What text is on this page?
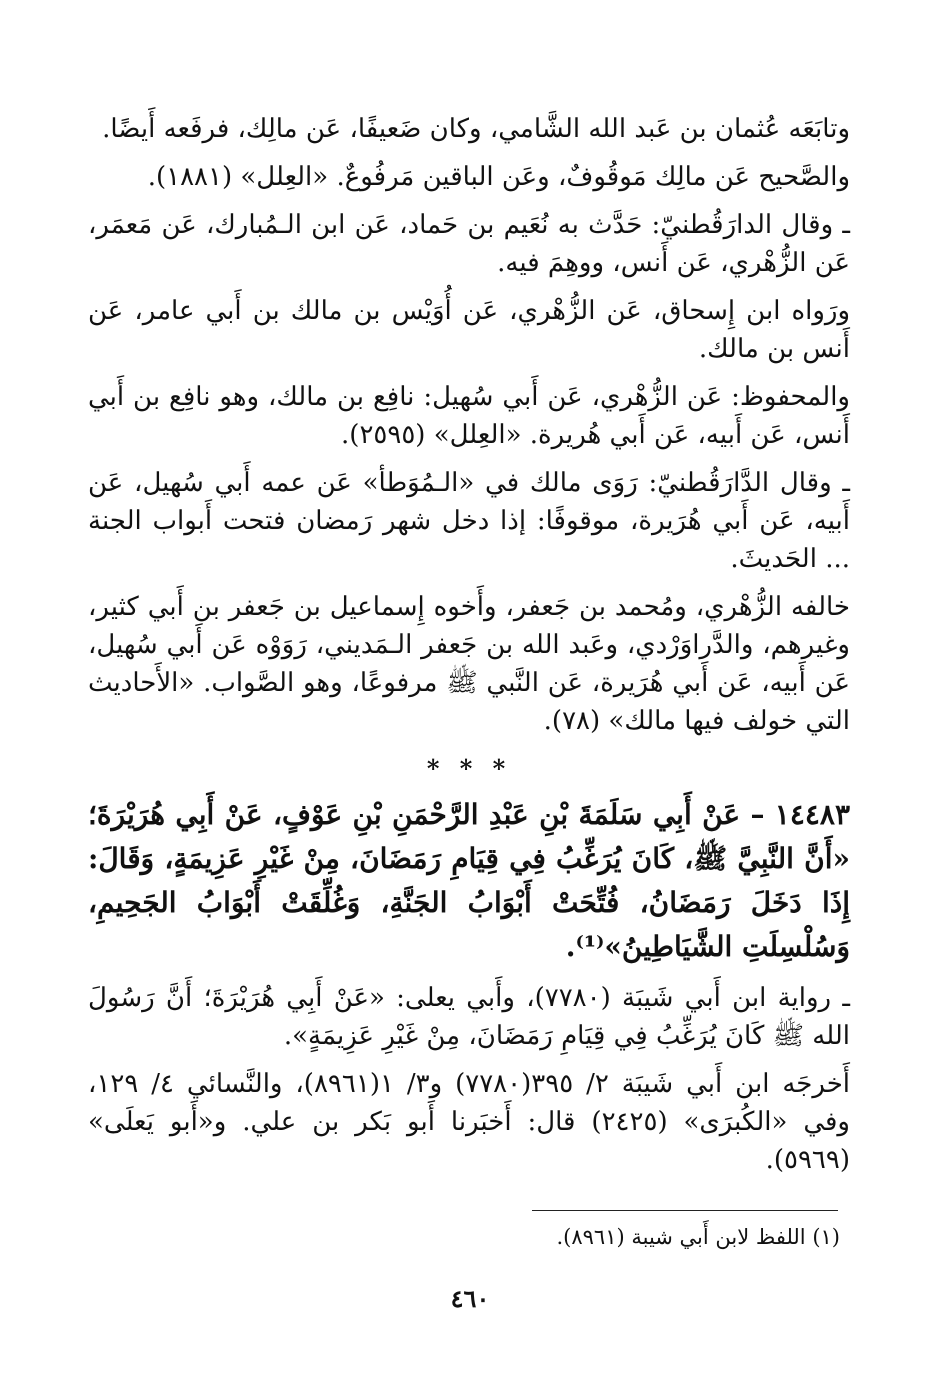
وتابَعَه عُثمان بن عَبد الله الشَّامي، وكان ضَعيفًا، عَن مالِك، فرفَعه أَيضًا.

والصَّحيح عَن مالِك مَوقُوفٌ، وعَن الباقين مَرفُوعٌ. «العِلل» (١٨٨١).

ـ وقال الدارَقُطنيّ: حَدَّث به نُعَيم بن حَماد، عَن ابن الـمُبارك، عَن مَعمَر، عَن الزُّهْري، عَن أَنس، ووهِمَ فيه.

ورَواه ابن إِسحاق، عَن الزُّهْري، عَن أُوَيْس بن مالك بن أَبي عامر، عَن أَنس بن مالك.

والمحفوظ: عَن الزُّهْري، عَن أَبي سُهيل: نافِع بن مالك، وهو نافِع بن أَبي أَنس، عَن أَبيه، عَن أَبي هُريرة. «العِلل» (٢٥٩٥).

ـ وقال الدَّارَقُطنيّ: رَوَى مالك في «الـمُوَطأ» عَن عمه أَبي سُهيل، عَن أَبيه، عَن أَبي هُرَيرة، موقوفًا: إذا دخل شهر رَمضان فتحت أَبواب الجنة ... الحَديثَ.

خالفه الزُّهْري، ومُحمد بن جَعفر، وأَخوه إِسماعيل بن جَعفر بن أَبي كثير، وغيرهم، والدَّراوَرْدي، وعَبد الله بن جَعفر الـمَديني، رَوَوْه عَن أَبي سُهيل، عَن أَبيه، عَن أَبي هُرَيرة، عَن النَّبي ﷺ مرفوعًا، وهو الصَّواب. «الأَحاديث التي خولف فيها مالك» (٧٨).

* * *

١٤٤٨٣ – عَنْ أَبِي سَلَمَةَ بْنِ عَبْدِ الرَّحْمَنِ بْنِ عَوْفٍ، عَنْ أَبِي هُرَيْرَةَ؛ «أَنَّ النَّبِيَّ ﷺ، كَانَ يُرَغِّبُ فِي قِيَامِ رَمَضَانَ، مِنْ غَيْرِ عَزِيمَةٍ، وَقَالَ: إِذَا دَخَلَ رَمَضَانُ، فُتِّحَتْ أَبْوَابُ الجَنَّةِ، وَغُلِّقَتْ أَبْوَابُ الجَحِيمِ، وَسُلْسِلَتِ الشَّيَاطِينُ»⁽¹⁾.

ـ رواية ابن أَبي شَيبَة (٧٧٨٠)، وأَبي يعلى: «عَنْ أَبِي هُرَيْرَةَ؛ أَنَّ رَسُولَ الله ﷺ كَانَ يُرَغِّبُ فِي قِيَامِ رَمَضَانَ، مِنْ غَيْرِ عَزِيمَةٍ».

أَخرجَه ابن أَبي شَيبَة ٢/ ٣٩٥(٧٧٨٠) و٣/ ١(٨٩٦١)، والنَّسائي ٤/ ١٢٩، وفي «الكُبرَى» (٢٤٢٥) قال: أَخبَرنا أَبو بَكر بن علي. و«أَبو يَعلَى» (٥٩٦٩).

(١) اللفظ لابن أَبي شيبة (٨٩٦١).
٤٦٠
